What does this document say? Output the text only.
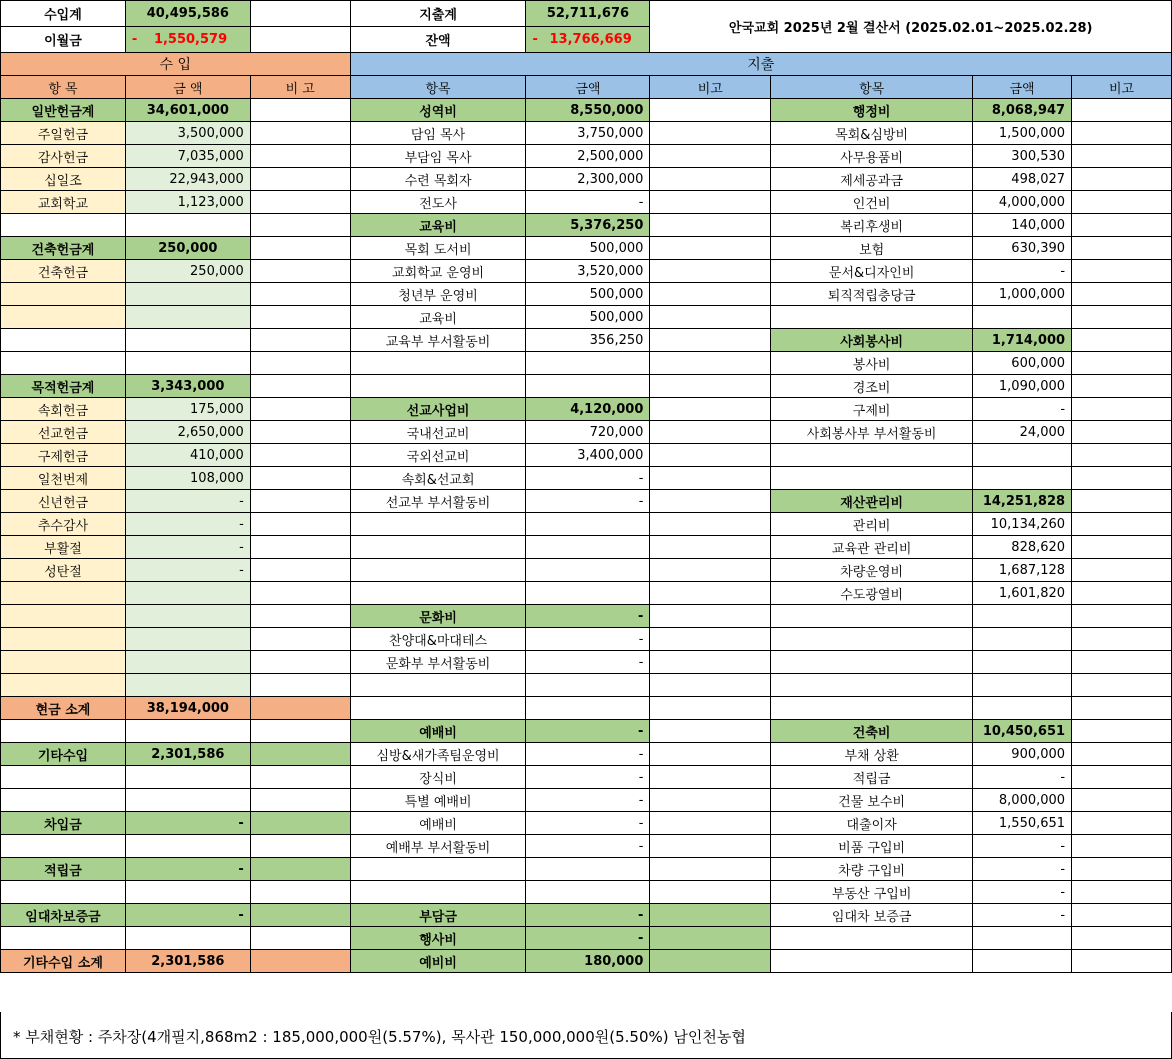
수입계	40,495,586		지출계	52,711,676	안국교회 2025년 2월 결산서 (2025.02.01~2025.02.28)			
이월금	- 1,550,579		잔액	- 13,766,669				
수 입			지출					
항 목	금 액	비 고	항목	금액	비고	항목	금액	비고
일반헌금계	34,601,000		성역비	8,550,000		행정비	8,068,947	
주일헌금	3,500,000		담임 목사	3,750,000		목회&심방비	1,500,000	
감사헌금	7,035,000		부담임 목사	2,500,000		사무용품비	300,530	
십일조	22,943,000		수련 목회자	2,300,000		제세공과금	498,027	
교회학교	1,123,000		전도사	-		인건비	4,000,000	
			교육비	5,376,250		복리후생비	140,000	
건축헌금계	250,000		목회 도서비	500,000		보험	630,390	
건축헌금	250,000		교회학교 운영비	3,520,000		문서&디자인비	-	
			청년부 운영비	500,000		퇴직적립충당금	1,000,000	
			교육비	500,000				
			교육부 부서활동비	356,250		사회봉사비	1,714,000	
						봉사비	600,000	
목적헌금계	3,343,000					경조비	1,090,000	
속회헌금	175,000		선교사업비	4,120,000		구제비	-	
선교헌금	2,650,000		국내선교비	720,000		사회봉사부 부서활동비	24,000	
구제헌금	410,000		국외선교비	3,400,000				
일천번제	108,000		속회&선교회	-				
신년헌금	-		선교부 부서활동비	-		재산관리비	14,251,828	
추수감사	-					관리비	10,134,260	
부활절	-					교육관 관리비	828,620	
성탄절	-					차량운영비	1,687,128	
						수도광열비	1,601,820	
			문화비	-				
			찬양대&마대테스	-				
			문화부 부서활동비	-				

현금 소계	38,194,000							
			예배비	-		건축비	10,450,651	
기타수입	2,301,586		심방&새가족팀운영비	-		부채 상환	900,000	
			장식비	-		적립금	-	
			특별 예배비	-		건물 보수비	8,000,000	
차입금	-		예배비	-		대출이자	1,550,651	
			예배부 부서활동비	-		비품 구입비	-	
적립금	-					차량 구입비	-	
						부동산 구입비	-	
임대차보증금	-		부담금	-		임대차 보증금	-	
			행사비	-				
기타수입 소계	2,301,586		예비비	180,000				
* 부채현황 : 주차장(4개필지,868m2 : 185,000,000원(5.57%), 목사관 150,000,000원(5.50%) 남인천농협
